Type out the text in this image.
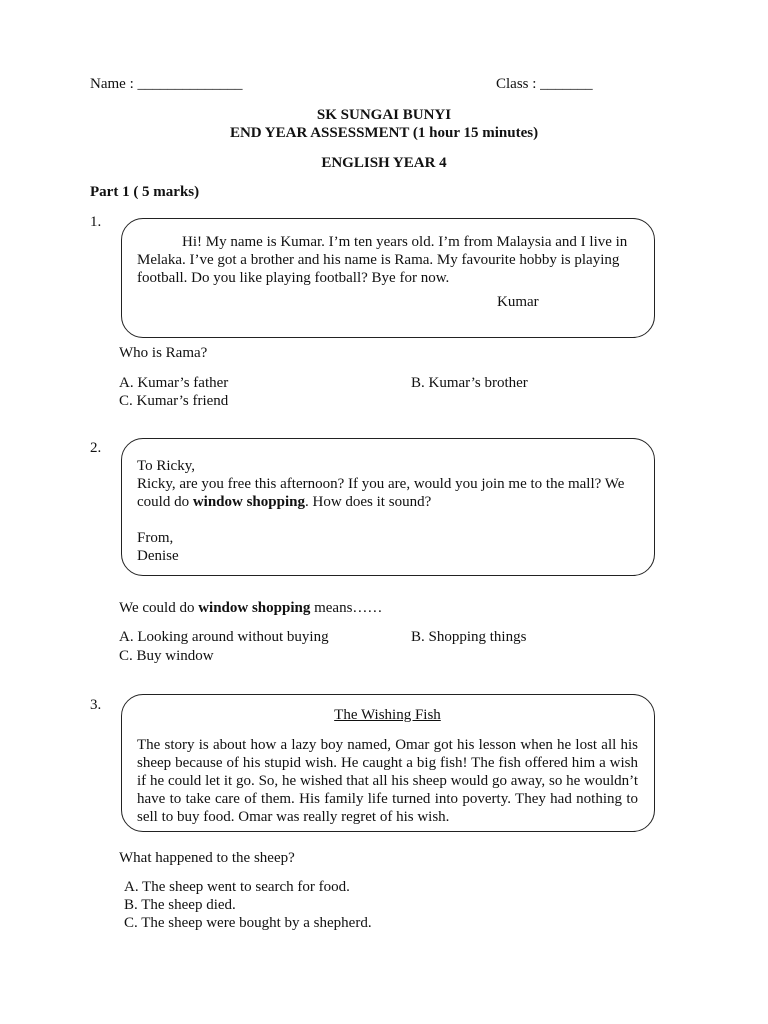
Name : ______________	Class : _______
SK SUNGAI BUNYI
END YEAR ASSESSMENT (1 hour 15 minutes)
ENGLISH YEAR 4
Part 1 ( 5 marks)
1.

Hi! My name is Kumar. I’m ten years old. I’m from Malaysia and I live in Melaka. I’ve got a brother and his name is Rama. My favourite hobby is playing football. Do you like playing football? Bye for now.

Kumar
Who is Rama?
A. Kumar’s father	B. Kumar’s brother
C. Kumar’s friend
2.

To Ricky,

Ricky, are you free this afternoon? If you are, would you join me to the mall? We could do window shopping. How does it sound?

From,

Denise

We could do window shopping means……
A. Looking around without buying	B. Shopping things
C. Buy window
3.

The Wishing Fish

The story is about how a lazy boy named, Omar got his lesson when he lost all his sheep because of his stupid wish. He caught a big fish! The fish offered him a wish if he could let it go. So, he wished that all his sheep would go away, so he wouldn’t have to take care of them. His family life turned into poverty. They had nothing to sell to buy food. Omar was really regret of his wish.

What happened to the sheep?
A. The sheep went to search for food.
B. The sheep died.
C. The sheep were bought by a shepherd.
